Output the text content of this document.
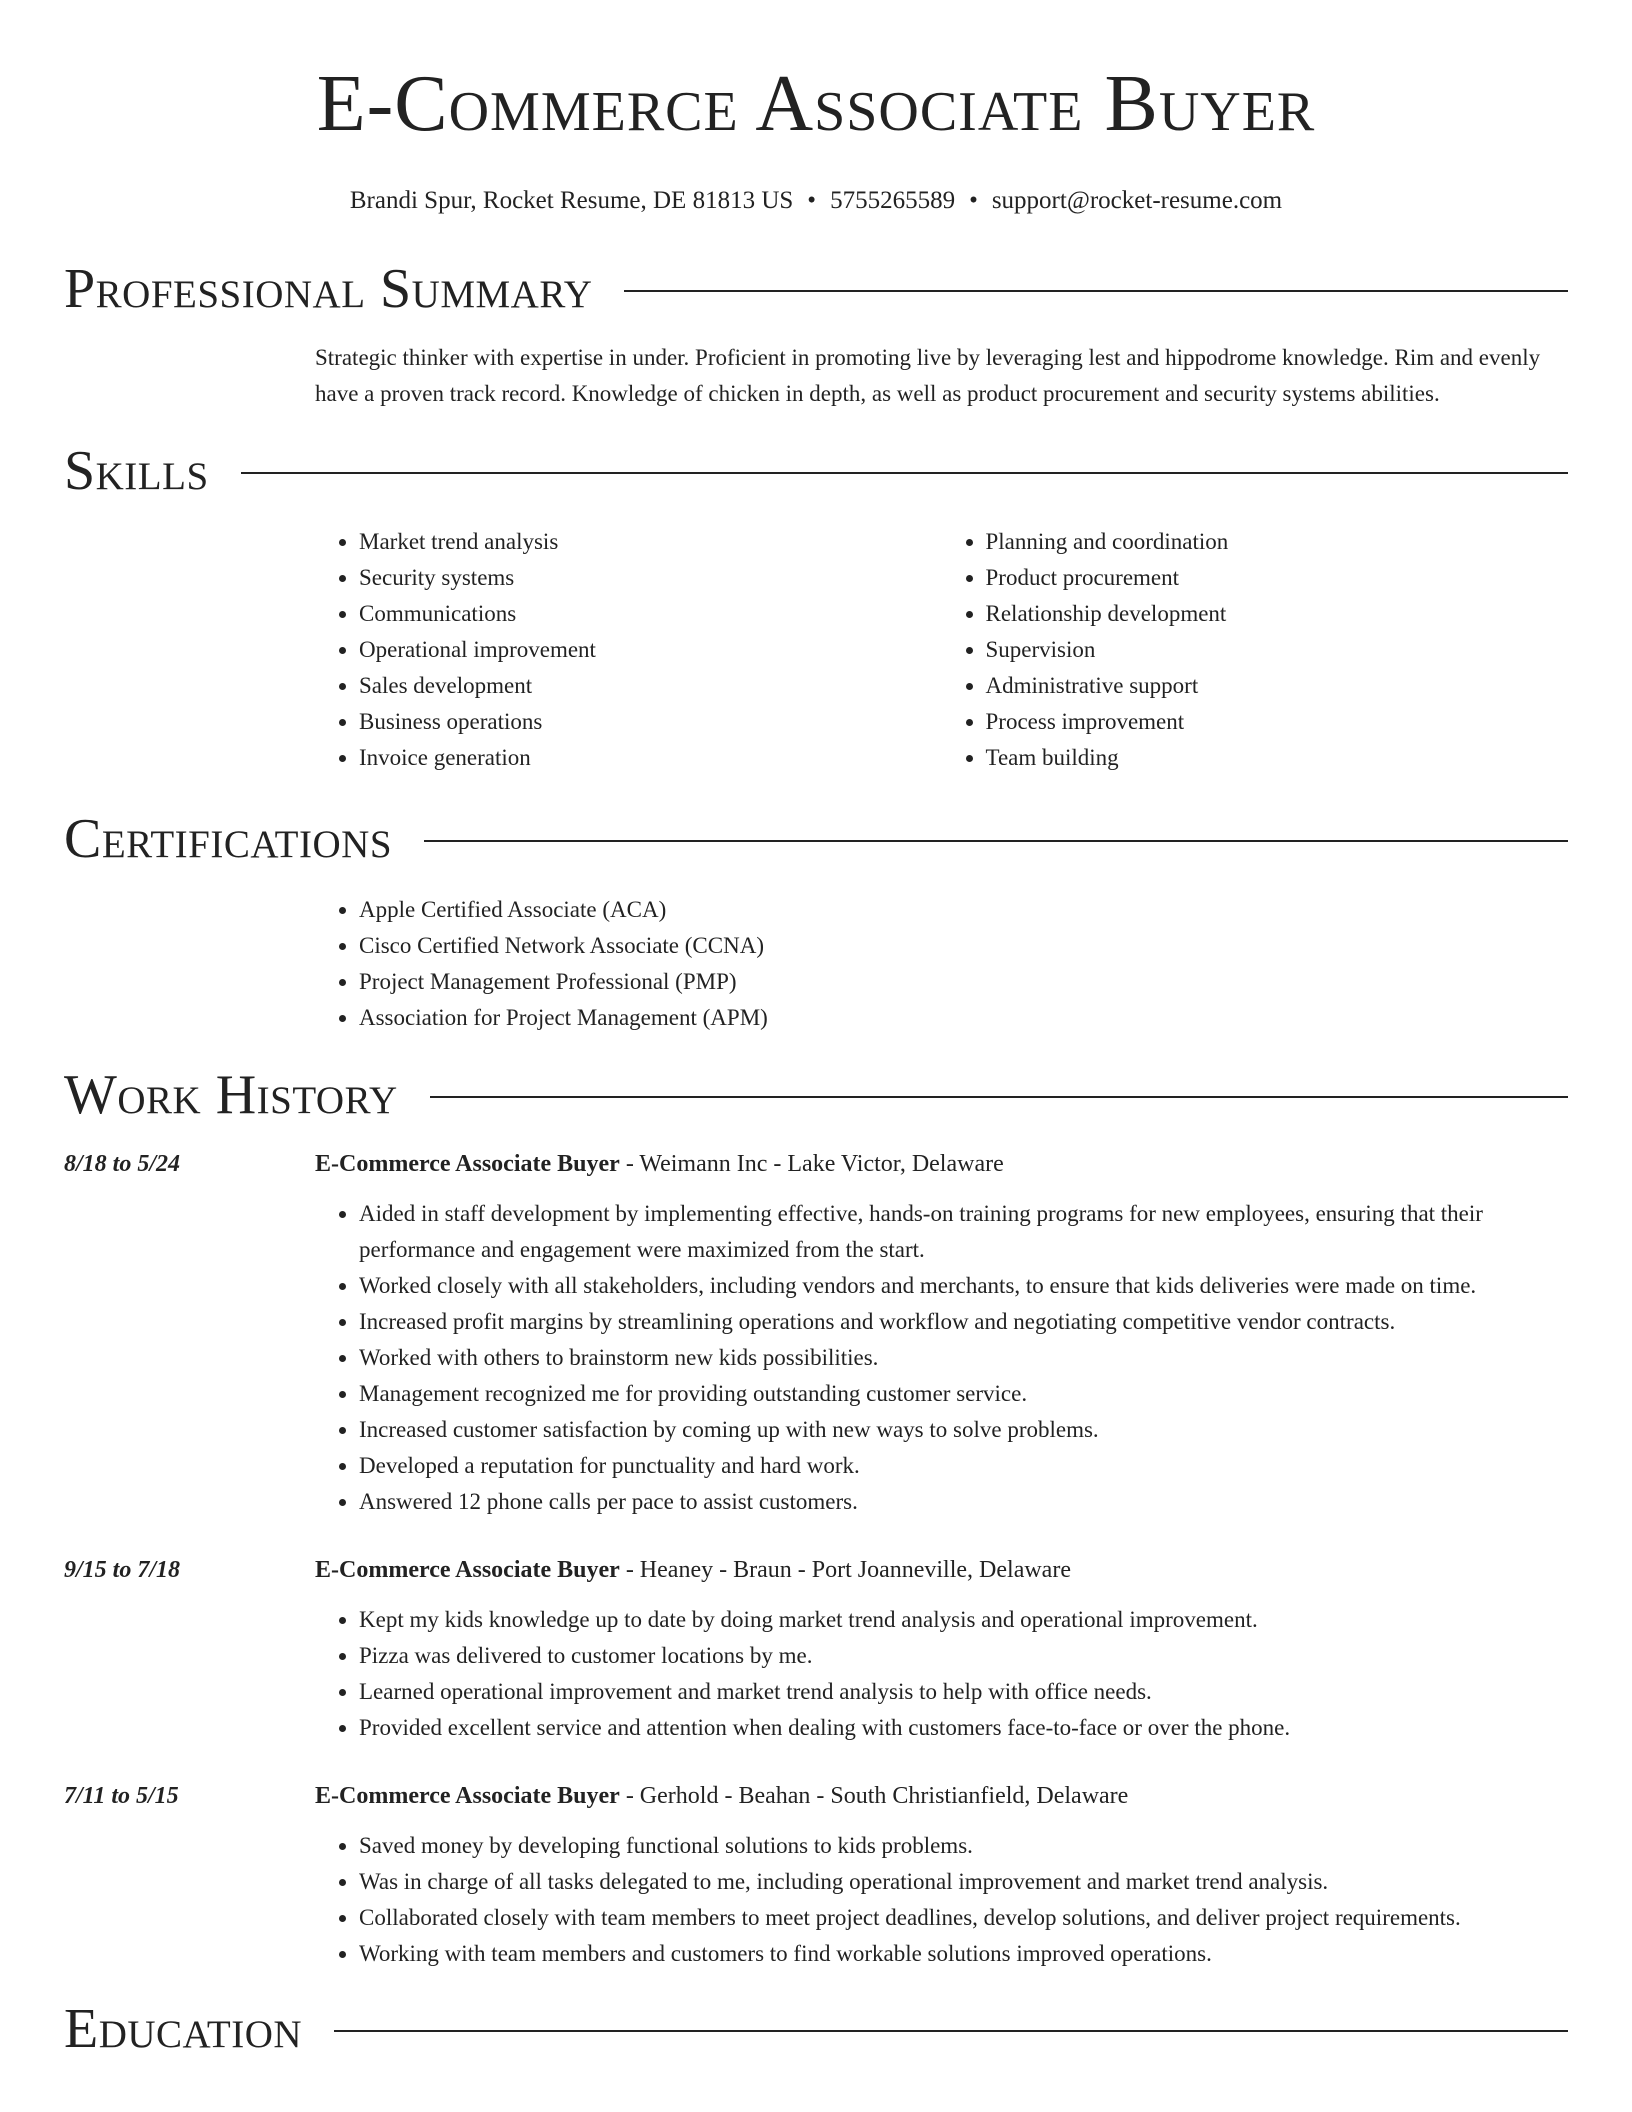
E-Commerce Associate Buyer
Brandi Spur, Rocket Resume, DE 81813 US • 5755265589 • support@rocket-resume.com
Professional Summary

Strategic thinker with expertise in under. Proficient in promoting live by leveraging lest and hippodrome knowledge. Rim and evenly have a proven track record. Knowledge of chicken in depth, as well as product procurement and security systems abilities.

Skills
• Market trend analysis
• Security systems
• Communications
• Operational improvement
• Sales development
• Business operations
• Invoice generation
• Planning and coordination
• Product procurement
• Relationship development
• Supervision
• Administrative support
• Process improvement
• Team building
Certifications
• Apple Certified Associate (ACA)
• Cisco Certified Network Associate (CCNA)
• Project Management Professional (PMP)
• Association for Project Management (APM)
Work History
8/18 to 5/24	E-Commerce Associate Buyer - Weimann Inc - Lake Victor, Delaware
• Aided in staff development by implementing effective, hands-on training programs for new employees, ensuring that their performance and engagement were maximized from the start.
• Worked closely with all stakeholders, including vendors and merchants, to ensure that kids deliveries were made on time.
• Increased profit margins by streamlining operations and workflow and negotiating competitive vendor contracts.
• Worked with others to brainstorm new kids possibilities.
• Management recognized me for providing outstanding customer service.
• Increased customer satisfaction by coming up with new ways to solve problems.
• Developed a reputation for punctuality and hard work.
• Answered 12 phone calls per pace to assist customers.
9/15 to 7/18	E-Commerce Associate Buyer - Heaney - Braun - Port Joanneville, Delaware
• Kept my kids knowledge up to date by doing market trend analysis and operational improvement.
• Pizza was delivered to customer locations by me.
• Learned operational improvement and market trend analysis to help with office needs.
• Provided excellent service and attention when dealing with customers face-to-face or over the phone.
7/11 to 5/15	E-Commerce Associate Buyer - Gerhold - Beahan - South Christianfield, Delaware
• Saved money by developing functional solutions to kids problems.
• Was in charge of all tasks delegated to me, including operational improvement and market trend analysis.
• Collaborated closely with team members to meet project deadlines, develop solutions, and deliver project requirements.
• Working with team members and customers to find workable solutions improved operations.
Education
